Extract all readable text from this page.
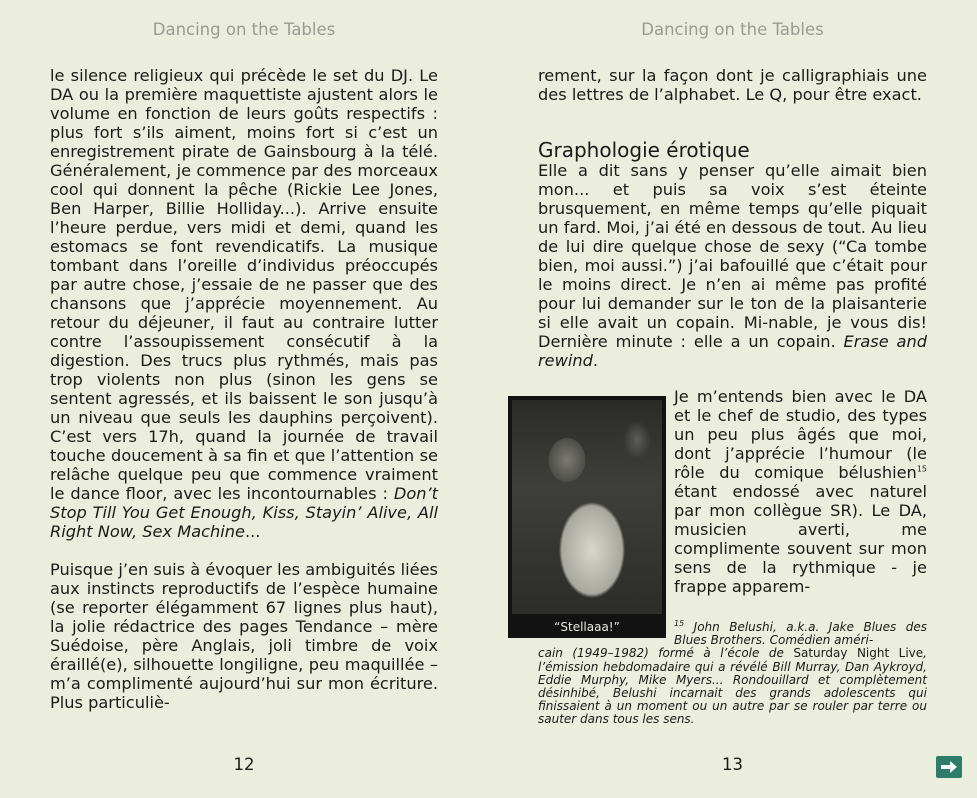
Dancing on the Tables

le silence religieux qui précède le set du DJ. Le DA ou la première maquettiste ajustent alors le volume en fonction de leurs goûts respectifs : plus fort s’ils aiment, moins fort si c’est un enregistrement pirate de Gainsbourg à la télé. Généralement, je commence par des morceaux cool qui donnent la pêche (Rickie Lee Jones, Ben Harper, Billie Holliday...). Arrive ensuite l’heure perdue, vers midi et demi, quand les estomacs se font revendicatifs. La musique tombant dans l’oreille d’individus préoccupés par autre chose, j’essaie de ne passer que des chansons que j’apprécie moyennement. Au retour du déjeuner, il faut au contraire lutter contre l’assoupissement consécutif à la digestion. Des trucs plus rythmés, mais pas trop violents non plus (sinon les gens se sentent agressés, et ils baissent le son jusqu’à un niveau que seuls les dauphins perçoivent). C’est vers 17h, quand la journée de travail touche doucement à sa fin et que l’attention se relâche quelque peu que commence vraiment le dance floor, avec les incontournables : Don’t Stop Till You Get Enough, Kiss, Stayin’ Alive, All Right Now, Sex Machine...

Puisque j’en suis à évoquer les ambiguités liées aux instincts reproductifs de l’espèce humaine (se reporter élégamment 67 lignes plus haut), la jolie rédactrice des pages Tendance – mère Suédoise, père Anglais, joli timbre de voix éraillé(e), silhouette longiligne, peu maquillée – m’a complimenté aujourd’hui sur mon écriture. Plus particuliè-

12
Dancing on the Tables

rement, sur la façon dont je calligraphiais une des lettres de l’alphabet. Le Q, pour être exact.

Graphologie érotique

Elle a dit sans y penser qu’elle aimait bien mon... et puis sa voix s’est éteinte brusquement, en même temps qu’elle piquait un fard. Moi, j’ai été en dessous de tout. Au lieu de lui dire quelque chose de sexy (“Ca tombe bien, moi aussi.”) j’ai bafouillé que c’était pour le moins direct. Je n’en ai même pas profité pour lui demander sur le ton de la plaisanterie si elle avait un copain. Mi-nable, je vous dis! Dernière minute : elle a un copain. Erase and rewind.

“Stellaaa!”

Je m’entends bien avec le DA et le chef de studio, des types un peu plus âgés que moi, dont j’apprécie l’humour (le rôle du comique bélushien$^{15}$ étant endossé avec naturel par mon collègue SR). Le DA, musicien averti, me complimente souvent sur mon sens de la rythmique - je frappe apparem-

$^{15}$ John Belushi, a.k.a. Jake Blues des Blues Brothers. Comédien améri-
cain (1949–1982) formé à l’école de Saturday Night Live, l’émission hebdomadaire qui a révélé Bill Murray, Dan Aykroyd, Eddie Murphy, Mike Myers... Rondouillard et complètement désinhibé, Belushi incarnait des grands adolescents qui finissaient à un moment ou un autre par se rouler par terre ou sauter dans tous les sens.

13
